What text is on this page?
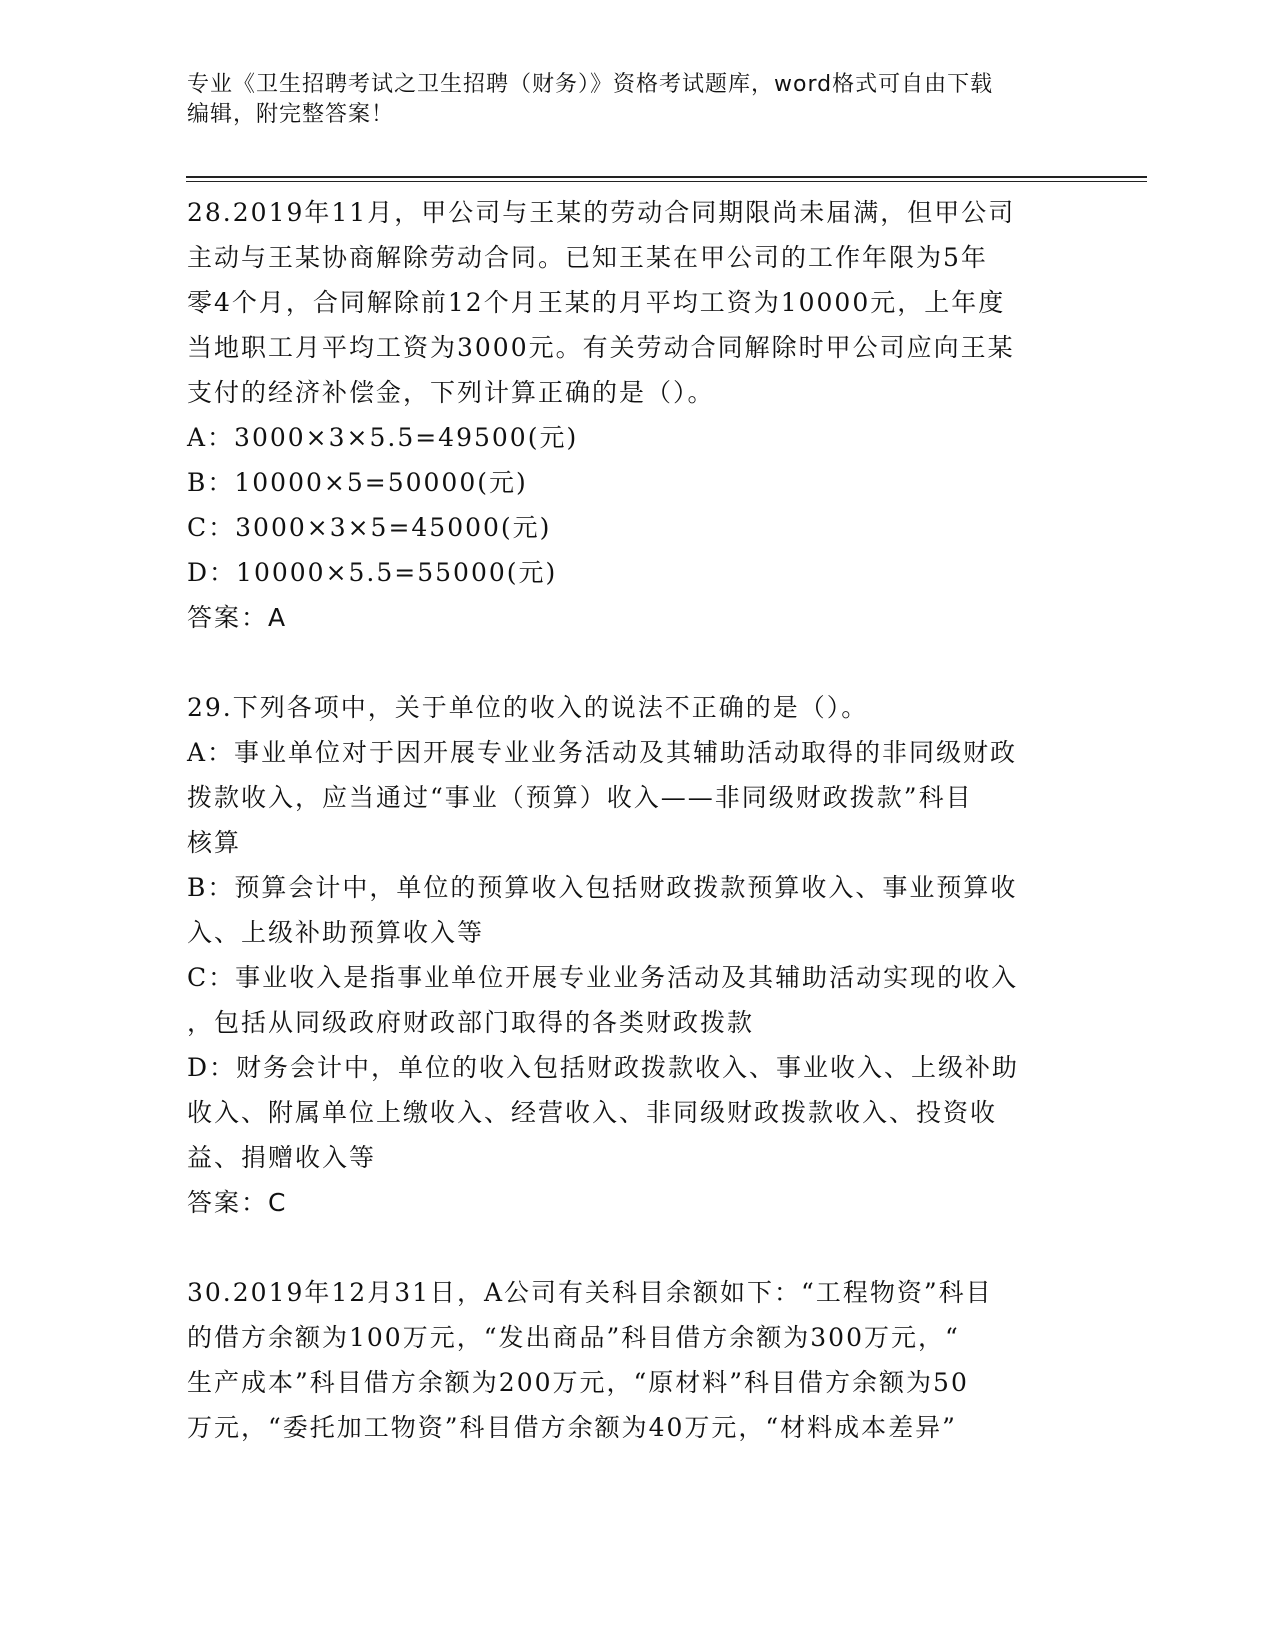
专业《卫生招聘考试之卫生招聘（财务）》资格考试题库，word格式可自由下载
编辑，附完整答案！
28.2019年11月，甲公司与王某的劳动合同期限尚未届满，但甲公司
主动与王某协商解除劳动合同。已知王某在甲公司的工作年限为5年
零4个月，合同解除前12个月王某的月平均工资为10000元，上年度
当地职工月平均工资为3000元。有关劳动合同解除时甲公司应向王某
支付的经济补偿金，下列计算正确的是（）。
A：3000×3×5.5=49500(元)
B：10000×5=50000(元)
C：3000×3×5=45000(元)
D：10000×5.5=55000(元)
答案：A
29.下列各项中，关于单位的收入的说法不正确的是（）。
A：事业单位对于因开展专业业务活动及其辅助活动取得的非同级财政
拨款收入，应当通过“事业（预算）收入——非同级财政拨款”科目
核算
B：预算会计中，单位的预算收入包括财政拨款预算收入、事业预算收
入、上级补助预算收入等
C：事业收入是指事业单位开展专业业务活动及其辅助活动实现的收入
，包括从同级政府财政部门取得的各类财政拨款
D：财务会计中，单位的收入包括财政拨款收入、事业收入、上级补助
收入、附属单位上缴收入、经营收入、非同级财政拨款收入、投资收
益、捐赠收入等
答案：C
30.2019年12月31日，A公司有关科目余额如下：“工程物资”科目
的借方余额为100万元，“发出商品”科目借方余额为300万元，“
生产成本”科目借方余额为200万元，“原材料”科目借方余额为50
万元，“委托加工物资”科目借方余额为40万元，“材料成本差异”
